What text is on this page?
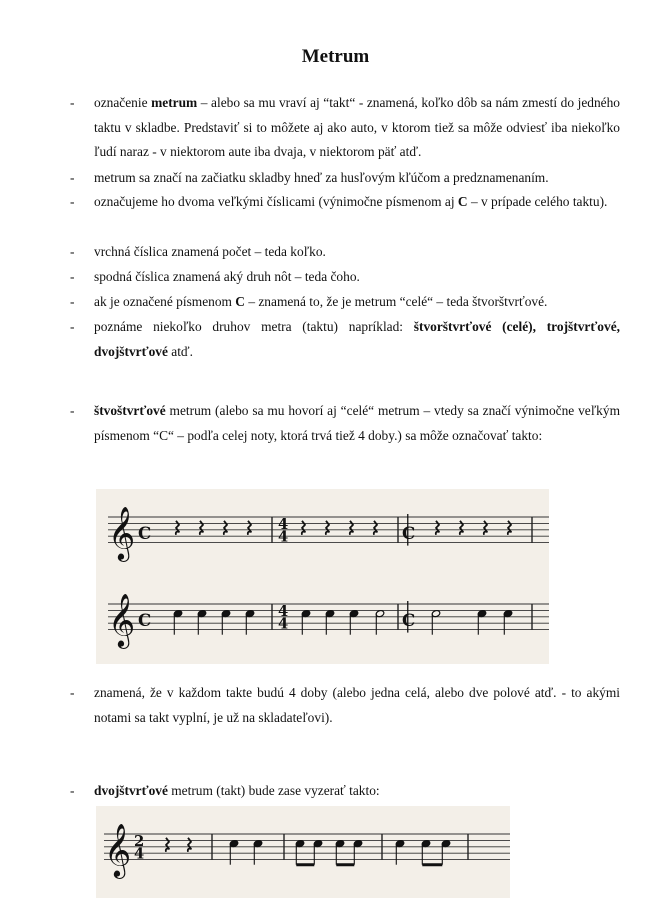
Metrum
-	označenie metrum – alebo sa mu vraví aj “takt“ - znamená, koľko dôb sa nám zmestí do jedného taktu v skladbe. Predstaviť si to môžete aj ako auto, v ktorom tiež sa môže odviesť iba niekoľko ľudí naraz - v niektorom aute iba dvaja, v niektorom päť atď.
-	metrum sa značí na začiatku skladby hneď za husľovým kľúčom a predznamenaním.
-	označujeme ho dvoma veľkými číslicami (výnimočne písmenom aj C – v prípade celého taktu).
-	vrchná číslica znamená počet – teda koľko.
-	spodná číslica znamená aký druh nôt – teda čoho.
-	ak je označené písmenom C – znamená to, že je metrum “celé“ – teda štvorštvrťové.
-	poznáme niekoľko druhov metra (taktu) napríklad: štvorštvrťové (celé), trojštvrťové, dvojštvrťové atď.
-	štvoštvrťové metrum (alebo sa mu hovorí aj “celé“ metrum – vtedy sa značí výnimočne veľkým písmenom “C“ – podľa celej noty, ktorá trvá tiež 4 doby.) sa môže označovať takto:
-	znamená, že v každom takte budú 4 doby (alebo jedna celá, alebo dve polové atď. - to akými notami sa takt vyplní, je už na skladateľovi).
-	dvojštvrťové metrum (takt) bude zase vyzerať takto:
𝄞 C	4
4	C
𝄞 C	4
4	C
𝄞 2
4
